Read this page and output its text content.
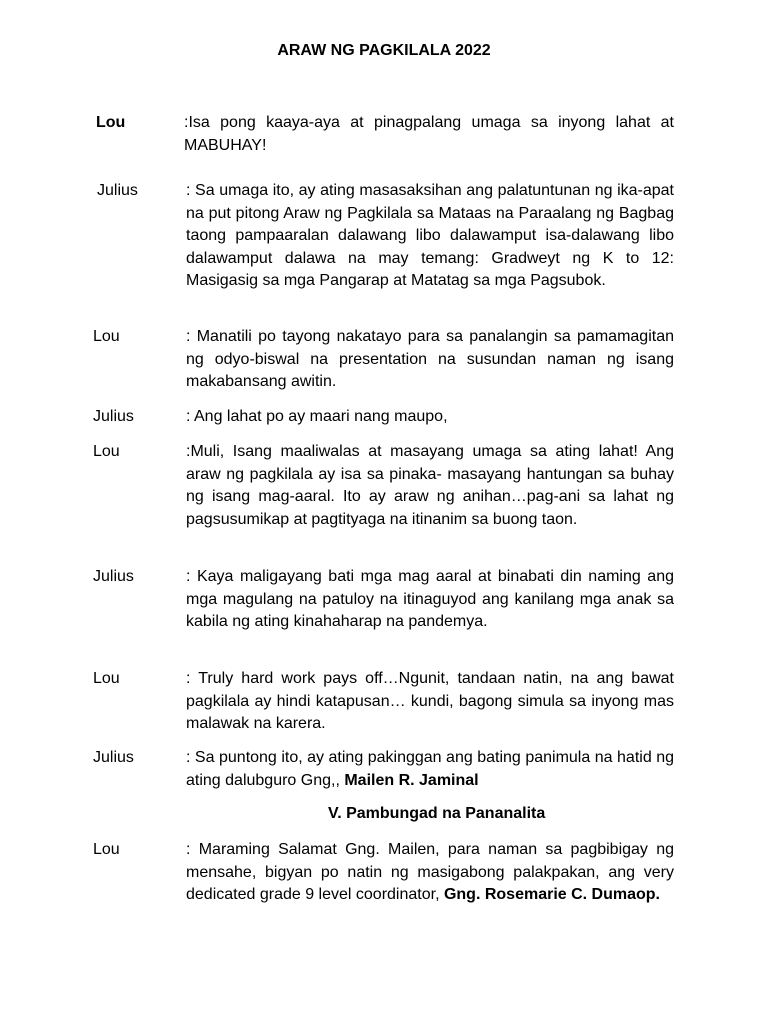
ARAW NG PAGKILALA 2022
Lou	:Isa pong kaaya-aya at pinagpalang umaga sa inyong lahat at MABUHAY!
Julius	: Sa umaga ito, ay ating masasaksihan ang palatuntunan ng ika-apat na put pitong Araw ng Pagkilala sa Mataas na Paraalang ng Bagbag taong pampaaralan dalawang libo dalawamput isa-dalawang libo dalawamput dalawa na may temang: Gradweyt ng K to 12: Masigasig sa mga Pangarap at Matatag sa mga Pagsubok.
Lou	: Manatili po tayong nakatayo para sa panalangin sa pamamagitan ng odyo-biswal na presentation na susundan naman ng isang makabansang awitin.
Julius	: Ang lahat po ay maari nang maupo,
Lou	:Muli, Isang maaliwalas at masayang umaga sa ating lahat! Ang araw ng pagkilala ay isa sa pinaka- masayang hantungan sa buhay ng isang mag-aaral. Ito ay araw ng anihan…pag-ani sa lahat ng pagsusumikap at pagtityaga na itinanim sa buong taon.
Julius	: Kaya maligayang bati mga mag aaral at binabati din naming ang mga magulang na patuloy na itinaguyod ang kanilang mga anak sa kabila ng ating kinahaharap na pandemya.
Lou	: Truly hard work pays off…Ngunit, tandaan natin, na ang bawat pagkilala ay hindi katapusan… kundi, bagong simula sa inyong mas malawak na karera.
Julius	: Sa puntong ito, ay ating pakinggan ang bating panimula na hatid ng ating dalubguro Gng,, Mailen R. Jaminal
V. Pambungad na Pananalita
Lou	: Maraming Salamat Gng. Mailen, para naman sa pagbibigay ng mensahe, bigyan po natin ng masigabong palakpakan, ang very dedicated grade 9 level coordinator, Gng. Rosemarie C. Dumaop.
